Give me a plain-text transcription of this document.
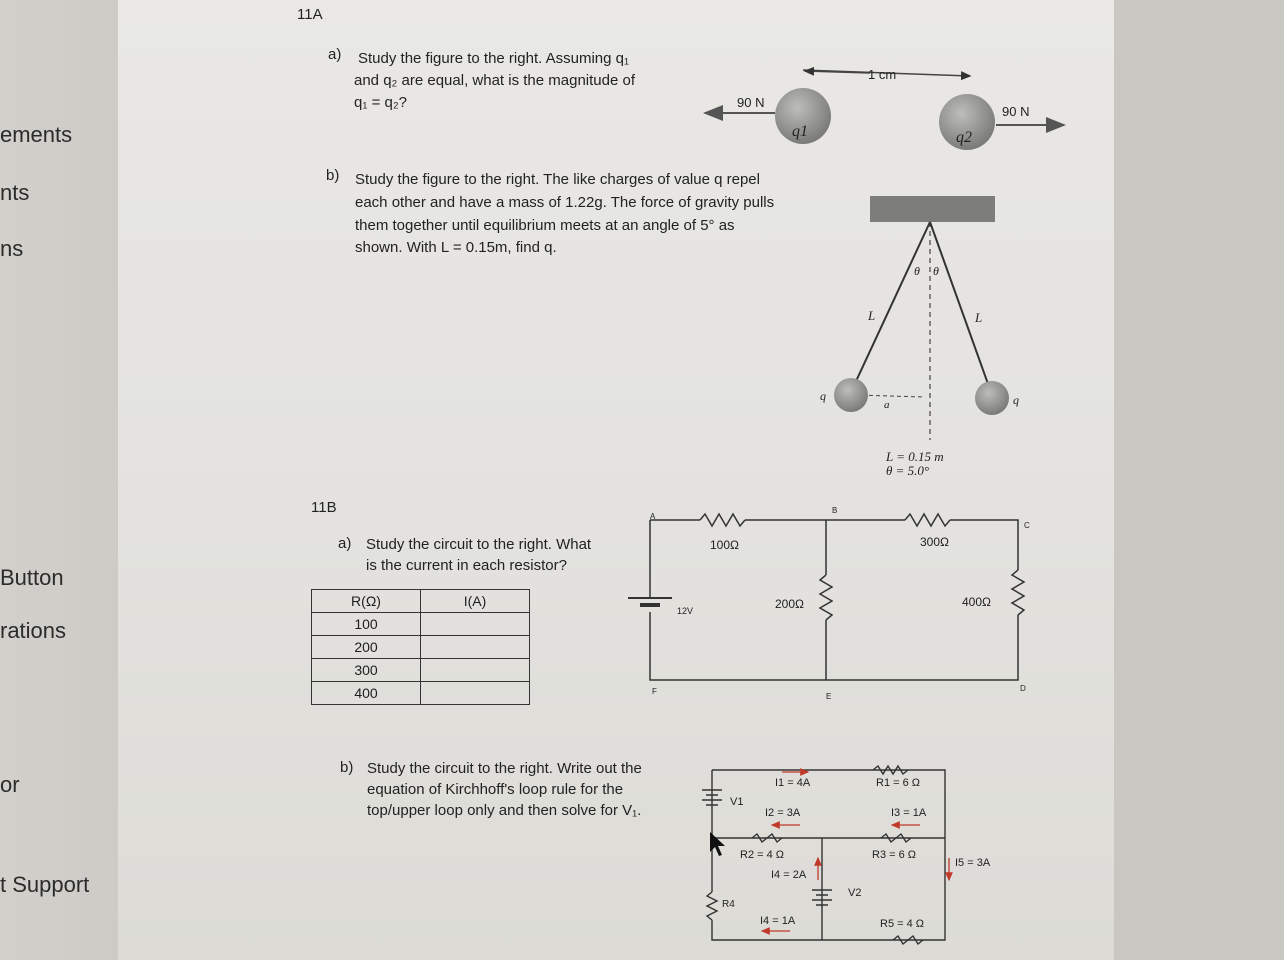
ements
nts
ns
Button
rations
or
t Support
11A
a) Study the figure to the right. Assuming q₁
and q₂ are equal, what is the magnitude of
q₁ = q₂?
b) Study the figure to the right. The like charges of value q repel
each other and have a mass of 1.22g. The force of gravity pulls
them together until equilibrium meets at an angle of 5° as
shown. With L = 0.15m, find q.
11B
a) Study the circuit to the right. What
is the current in each resistor?
R(Ω)	I(A)
100	
200	
300	
400	
b) Study the circuit to the right. Write out the
equation of Kirchhoff's loop rule for the
top/upper loop only and then solve for V₁.
90 N
q1
1 cm
q2
90 N
θ θ
L	L
q	q
a
L = 0.15 m
θ = 5.0°
A
B
C
D
E
F
100Ω	300Ω
200Ω	400Ω
12V
V1
V2
R4
I1 = 4A
I2 = 3A
R2 = 4 Ω
I4 = 2A
I4 = 1A
R1 = 6 Ω
I3 = 1A
R3 = 6 Ω
I5 = 3A
R5 = 4 Ω
